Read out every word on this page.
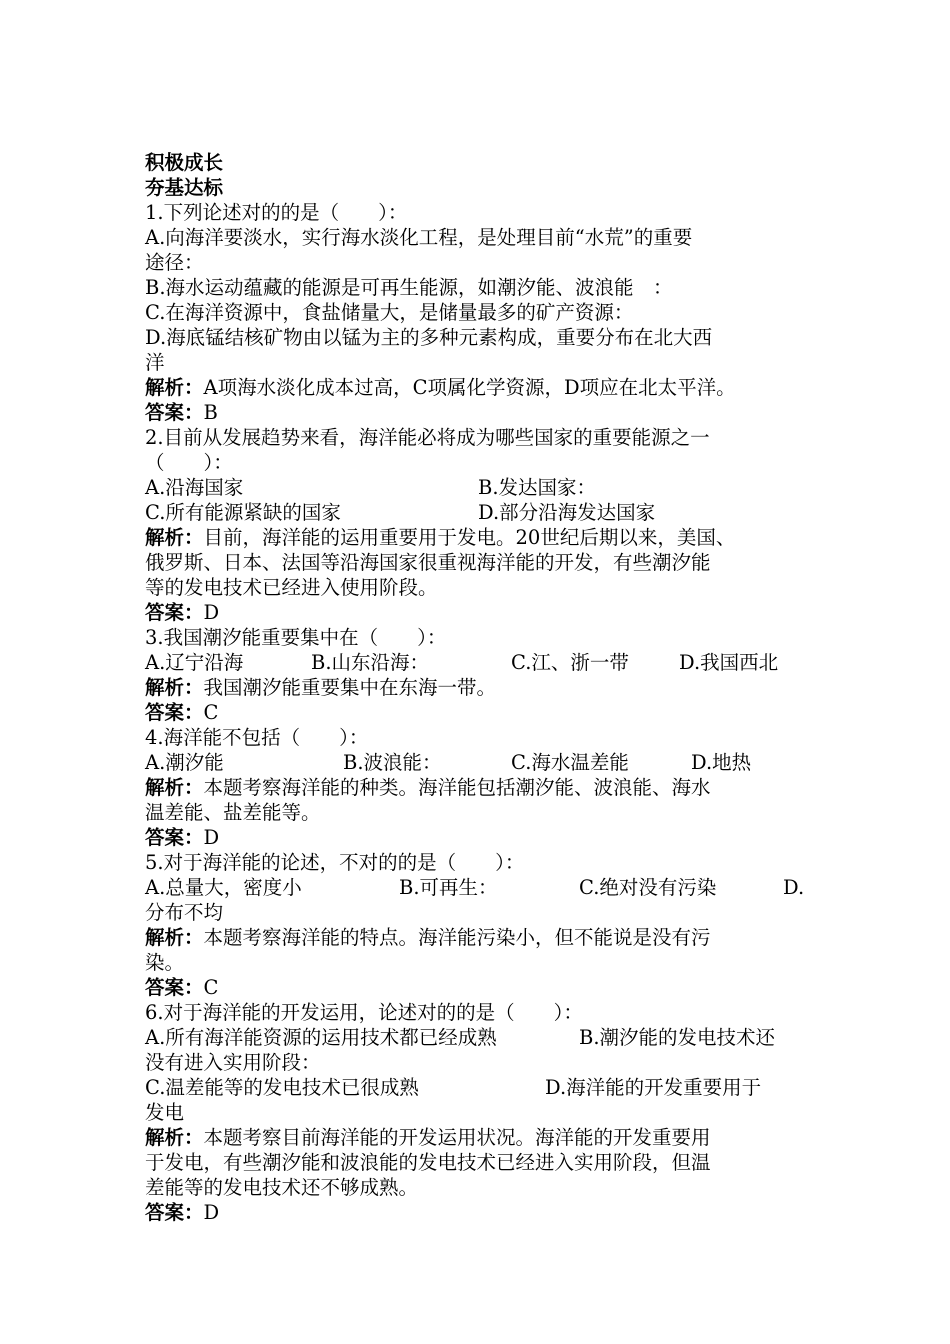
积极成长
夯基达标
1.下列论述对的的是（　　）：
A.向海洋要淡水，实行海水淡化工程，是处理目前“水荒”的重要
途径：
B.海水运动蕴藏的能源是可再生能源，如潮汐能、波浪能　：
C.在海洋资源中，食盐储量大，是储量最多的矿产资源：
D.海底锰结核矿物由以锰为主的多种元素构成，重要分布在北大西
洋
解析：A项海水淡化成本过高，C项属化学资源，D项应在北太平洋。
答案：B
2.目前从发展趋势来看，海洋能必将成为哪些国家的重要能源之一
（　　）：
A.沿海国家	B.发达国家：
C.所有能源紧缺的国家	D.部分沿海发达国家
解析：目前，海洋能的运用重要用于发电。20世纪后期以来，美国、
俄罗斯、日本、法国等沿海国家很重视海洋能的开发，有些潮汐能
等的发电技术已经进入使用阶段。
答案：D
3.我国潮汐能重要集中在（　　）：
A.辽宁沿海	B.山东沿海：	C.江、浙一带	D.我国西北
解析：我国潮汐能重要集中在东海一带。
答案：C
4.海洋能不包括（　　）：
A.潮汐能	B.波浪能：	C.海水温差能	D.地热
解析：本题考察海洋能的种类。海洋能包括潮汐能、波浪能、海水
温差能、盐差能等。
答案：D
5.对于海洋能的论述，不对的的是（　　）：
A.总量大，密度小	B.可再生：	C.绝对没有污染	D.
分布不均
解析：本题考察海洋能的特点。海洋能污染小，但不能说是没有污
染。
答案：C
6.对于海洋能的开发运用，论述对的的是（　　）：
A.所有海洋能资源的运用技术都已经成熟	B.潮汐能的发电技术还
没有进入实用阶段：
C.温差能等的发电技术已很成熟	D.海洋能的开发重要用于
发电
解析：本题考察目前海洋能的开发运用状况。海洋能的开发重要用
于发电，有些潮汐能和波浪能的发电技术已经进入实用阶段，但温
差能等的发电技术还不够成熟。
答案：D
